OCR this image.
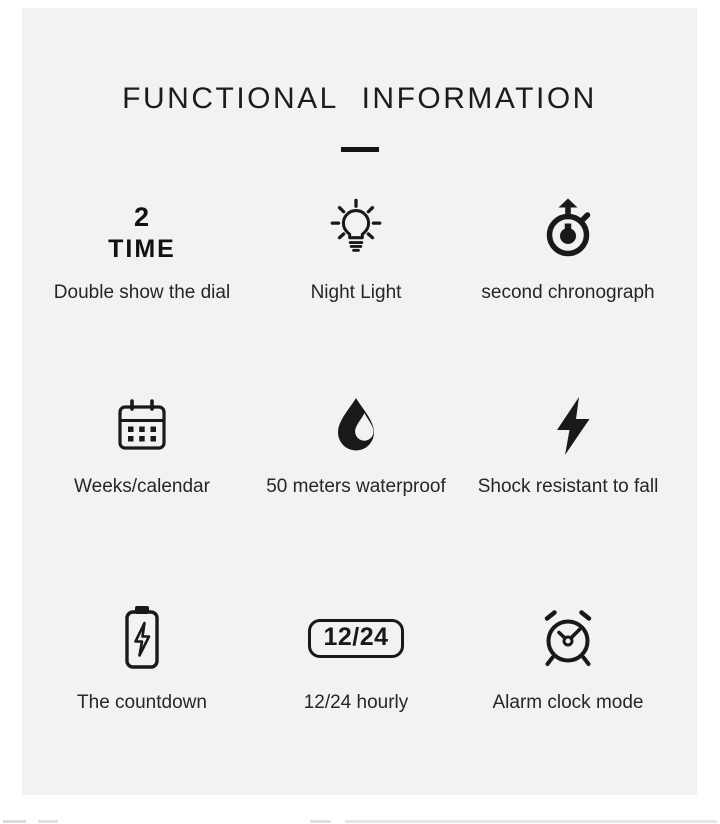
FUNCTIONAL INFORMATION
2
TIME
Double show the dial	Night Light	second chronograph
Weeks/calendar	50 meters waterproof	Shock resistant to fall
The countdown
12/24
12/24 hourly	Alarm clock mode
